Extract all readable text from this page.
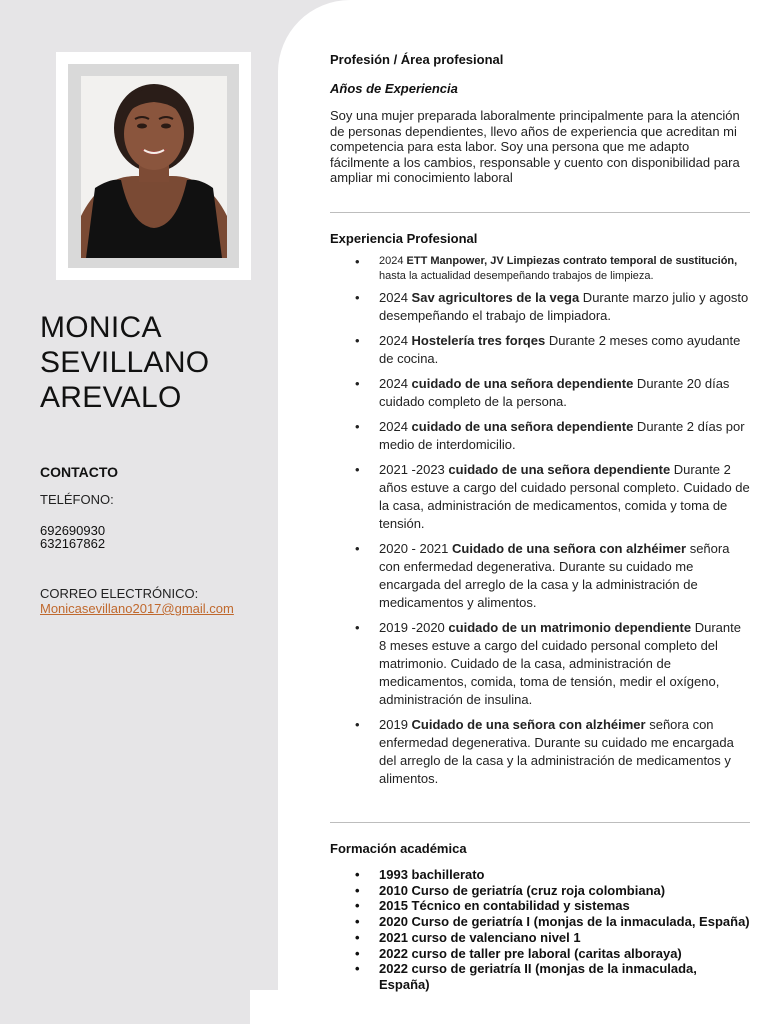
MONICA
SEVILLANO
AREVALO
CONTACTO
TELÉFONO:
692690930
632167862
CORREO ELECTRÓNICO:
Monicasevillano2017@gmail.com
Profesión / Área profesional
Años de Experiencia
Soy una mujer preparada laboralmente principalmente para la atención de personas dependientes, llevo años de experiencia que acreditan mi competencia para esta labor. Soy una persona que me adapto fácilmente a los cambios, responsable y cuento con disponibilidad para ampliar mi conocimiento laboral
Experiencia Profesional
• 2024 ETT Manpower, JV Limpiezas contrato temporal de sustitución, hasta la actualidad desempeñando trabajos de limpieza.
• 2024 Sav agricultores de la vega Durante marzo julio y agosto desempeñando el trabajo de limpiadora.
• 2024 Hostelería tres forqes Durante 2 meses como ayudante de cocina.
• 2024 cuidado de una señora dependiente Durante 20 días cuidado completo de la persona.
• 2024 cuidado de una señora dependiente Durante 2 días por medio de interdomicilio.
• 2021 -2023 cuidado de una señora dependiente Durante 2 años estuve a cargo del cuidado personal completo. Cuidado de la casa, administración de medicamentos, comida y toma de tensión.
• 2020 - 2021 Cuidado de una señora con alzhéimer señora con enfermedad degenerativa. Durante su cuidado me encargada del arreglo de la casa y la administración de medicamentos y alimentos.
• 2019 -2020 cuidado de un matrimonio dependiente Durante 8 meses estuve a cargo del cuidado personal completo del matrimonio. Cuidado de la casa, administración de medicamentos, comida, toma de tensión, medir el oxígeno, administración de insulina.
• 2019 Cuidado de una señora con alzhéimer señora con enfermedad degenerativa. Durante su cuidado me encargada del arreglo de la casa y la administración de medicamentos y alimentos.
Formación académica
• 1993 bachillerato
• 2010 Curso de geriatría (cruz roja colombiana)
• 2015 Técnico en contabilidad y sistemas
• 2020 Curso de geriatría I (monjas de la inmaculada, España)
• 2021 curso de valenciano nivel 1
• 2022 curso de taller pre laboral (caritas alboraya)
• 2022 curso de geriatría II (monjas de la inmaculada, España)
